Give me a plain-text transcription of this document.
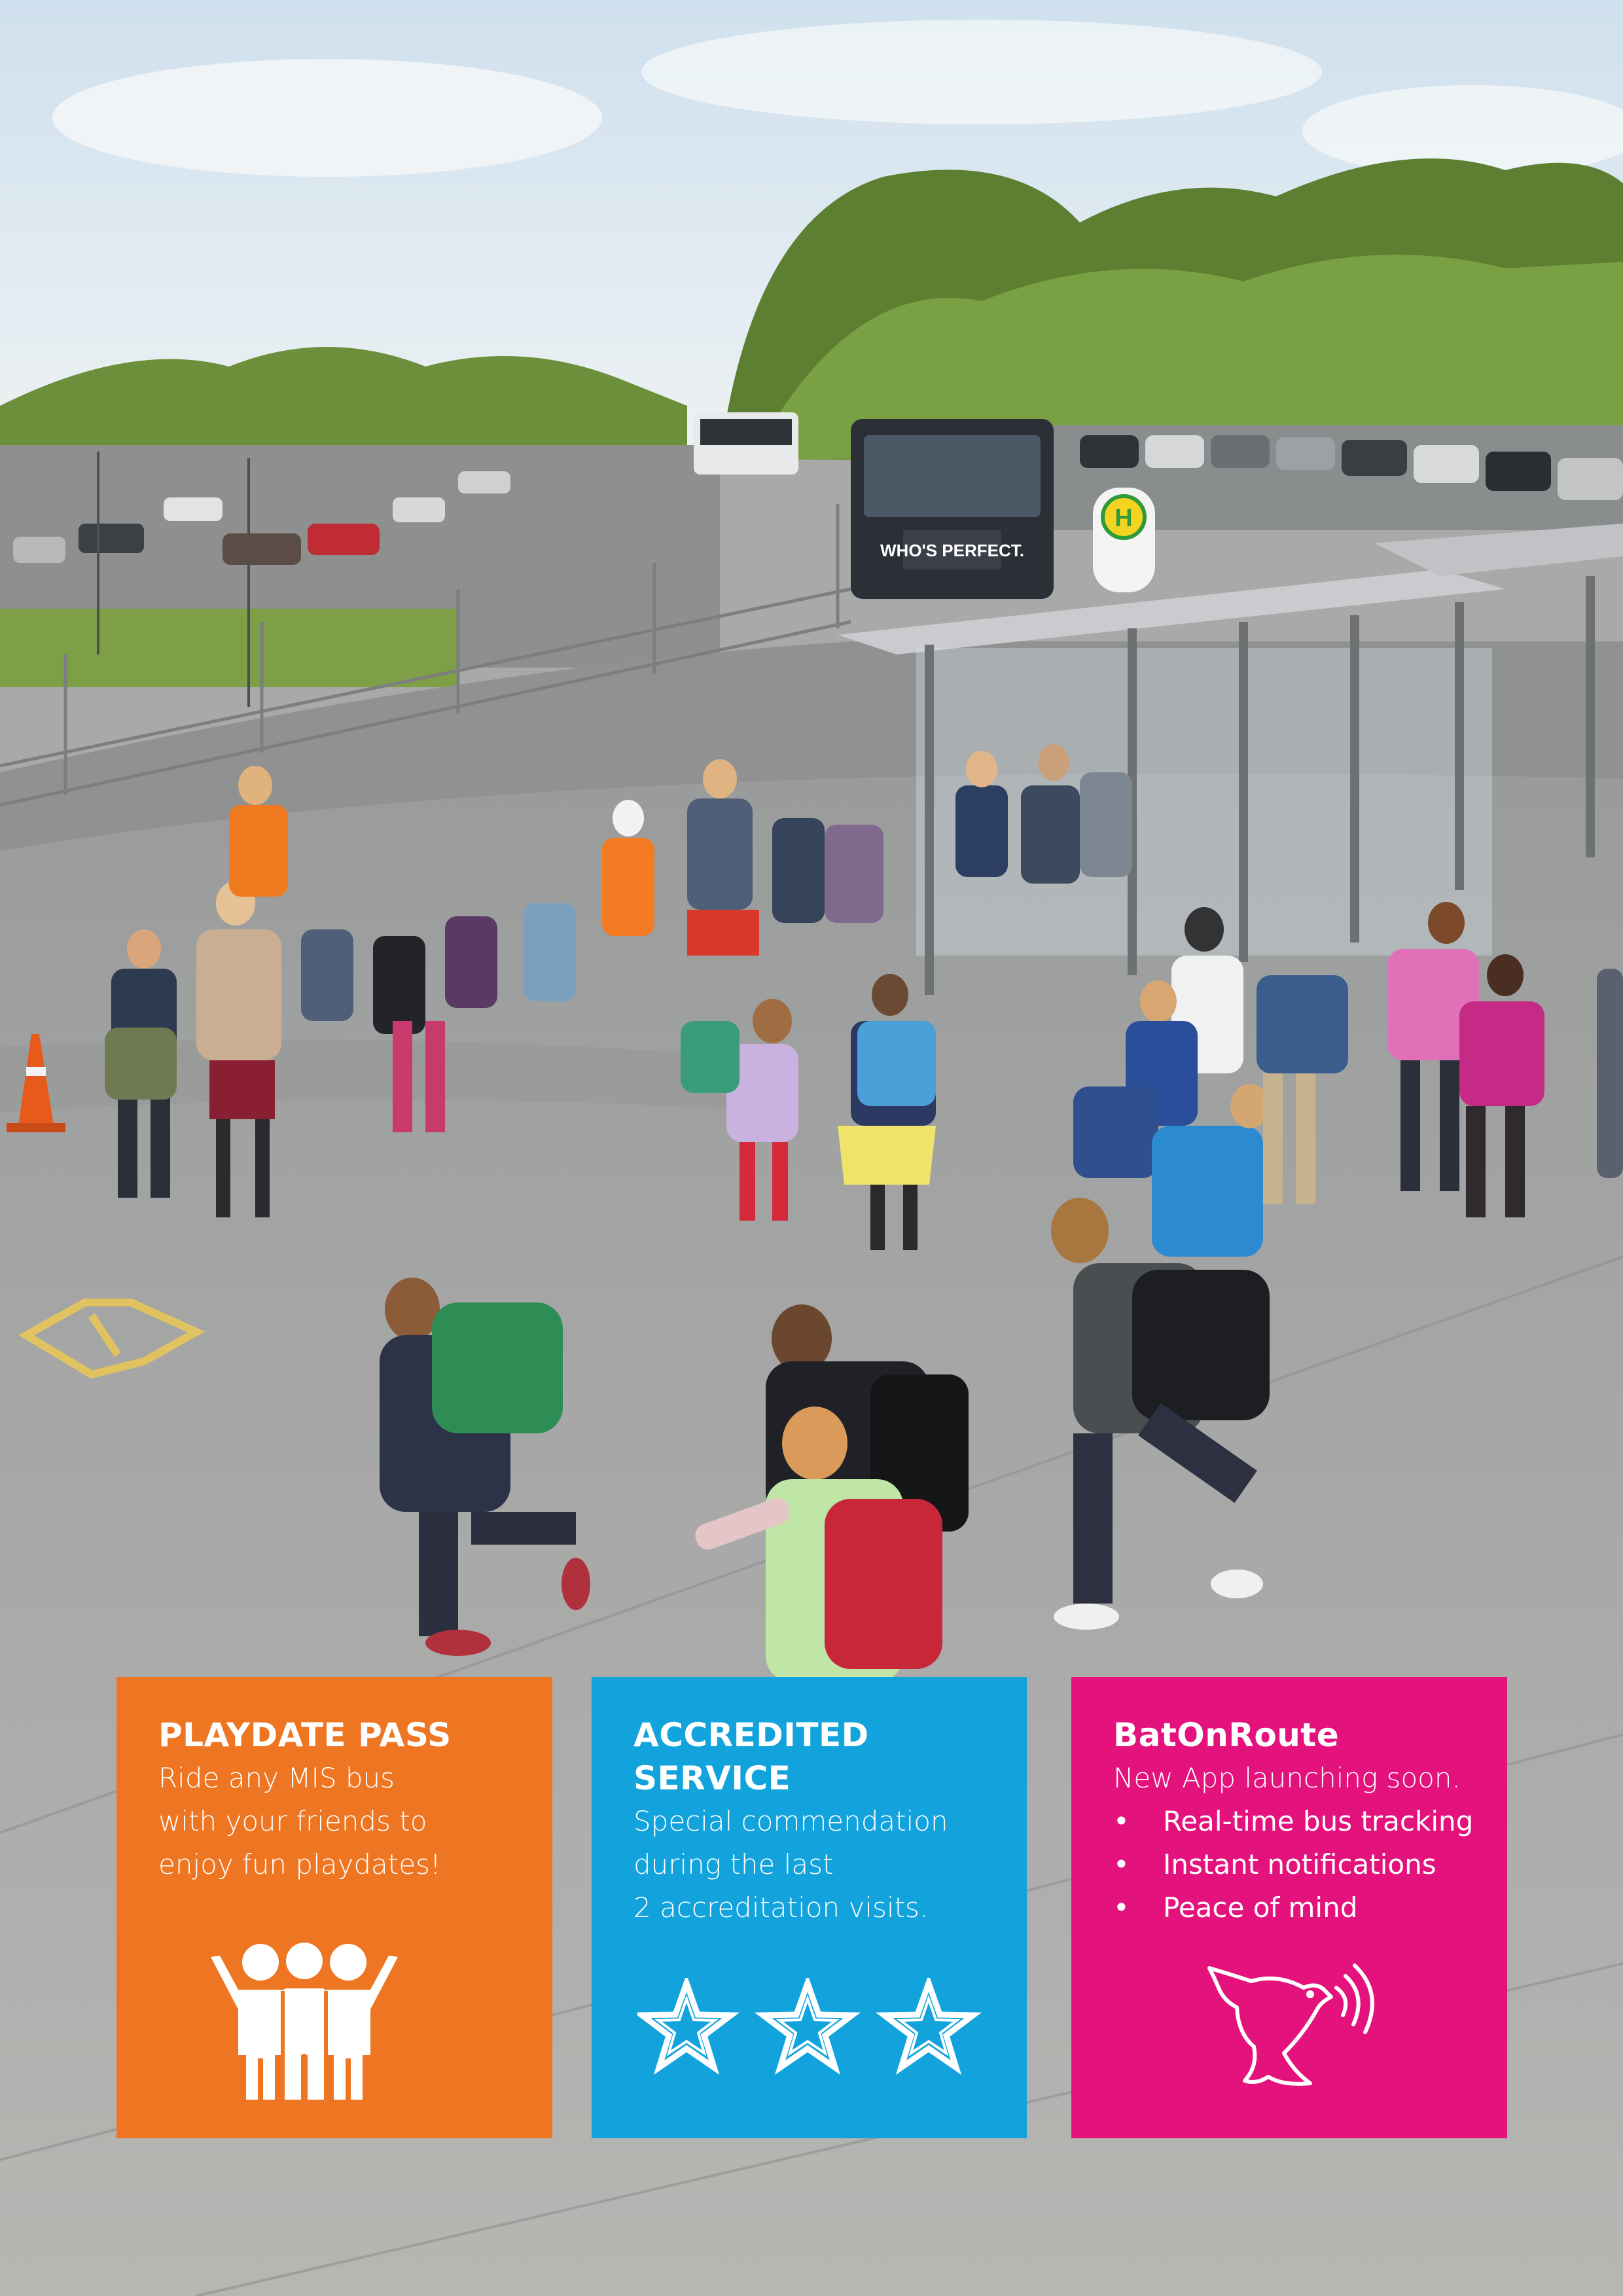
WHO'S PERFECT.
H
PLAYDATE PASS

Ride any MIS bus
with your friends to
enjoy fun playdates!

ACCREDITED
SERVICE

Special commendation
during the last
2 accreditation visits.

BatOnRoute

New App launching soon.

• Real-time bus tracking
• Instant notifications
• Peace of mind
